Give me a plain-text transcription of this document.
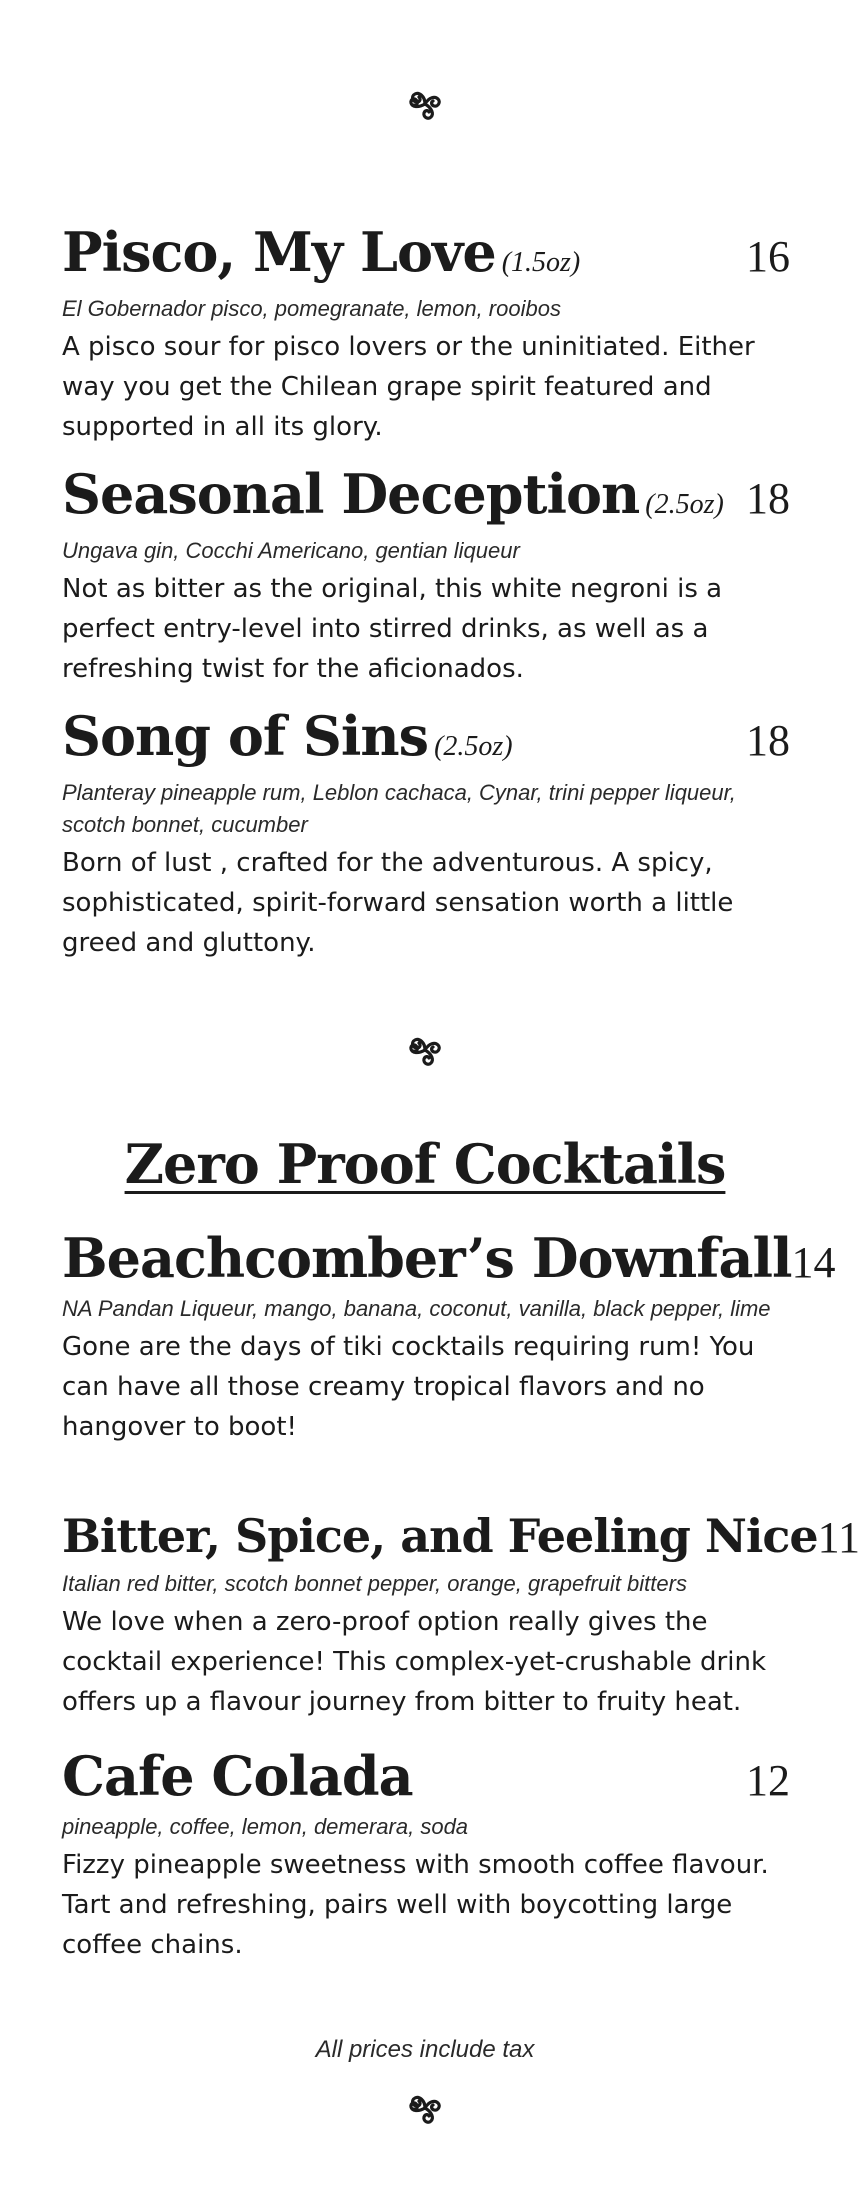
Pisco, My Love (1.5oz)	16
El Gobernador pisco, pomegranate, lemon, rooibos
A pisco sour for pisco lovers or the uninitiated. Either way you get the Chilean grape spirit featured and supported in all its glory.
Seasonal Deception (2.5oz) 18
Ungava gin, Cocchi Americano, gentian liqueur
Not as bitter as the original, this white negroni is a perfect entry-level into stirred drinks, as well as a refreshing twist for the aficionados.
Song of Sins (2.5oz)	18
Planteray pineapple rum, Leblon cachaca, Cynar, trini pepper liqueur, scotch bonnet, cucumber
Born of lust , crafted for the adventurous. A spicy, sophisticated, spirit-forward sensation worth a little greed and gluttony.
Zero Proof Cocktails
Beachcomber’s Downfall 14
NA Pandan Liqueur, mango, banana, coconut, vanilla, black pepper, lime
Gone are the days of tiki cocktails requiring rum! You can have all those creamy tropical flavors and no hangover to boot!
Bitter, Spice, and Feeling Nice 11
Italian red bitter, scotch bonnet pepper, orange, grapefruit bitters
We love when a zero-proof option really gives the cocktail experience! This complex-yet-crushable drink offers up a flavour journey from bitter to fruity heat.
Cafe Colada	12
pineapple, coffee, lemon, demerara, soda
Fizzy pineapple sweetness with smooth coffee flavour. Tart and refreshing, pairs well with boycotting large coffee chains.
All prices include tax
